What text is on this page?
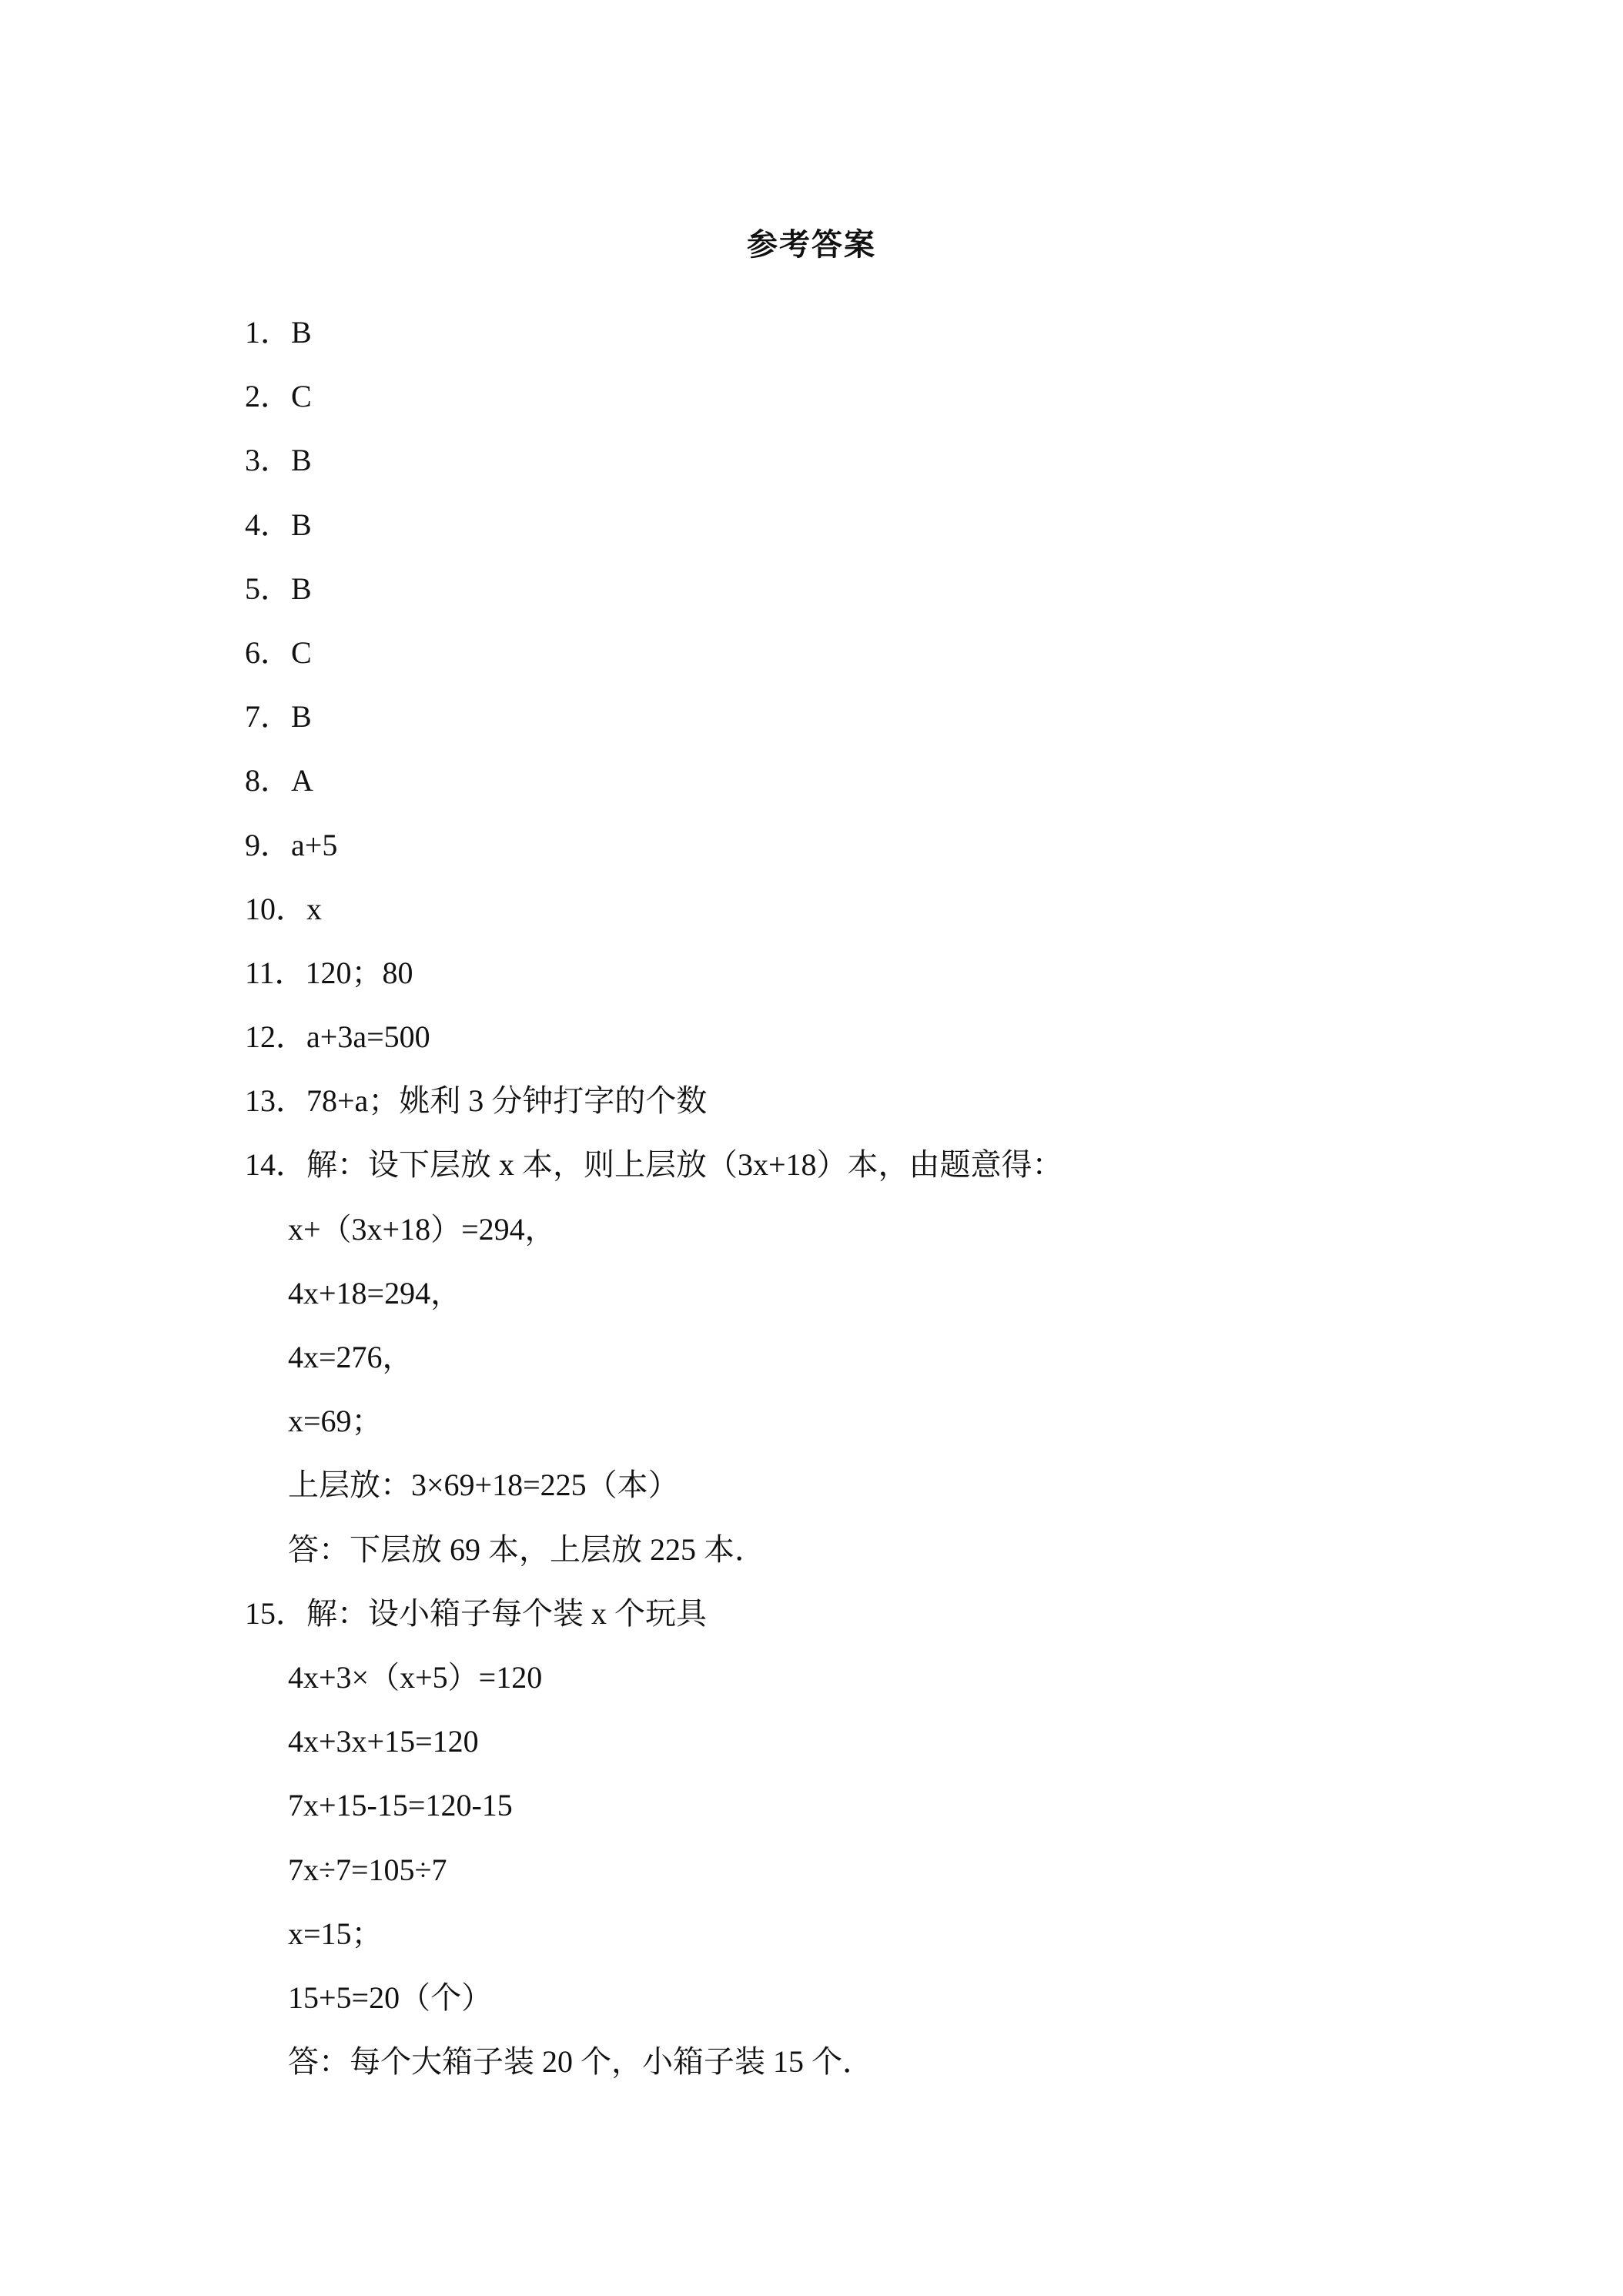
参考答案
1．B
2．C
3．B
4．B
5．B
6．C
7．B
8．A
9．a+5
10．x
11．120；80
12．a+3a=500
13．78+a；姚利 3 分钟打字的个数
14．解：设下层放 x 本，则上层放（3x+18）本，由题意得：
x+（3x+18）=294，
4x+18=294，
4x=276，
x=69；
上层放：3×69+18=225（本）
答：下层放 69 本，上层放 225 本．
15．解：设小箱子每个装 x 个玩具
4x+3×（x+5）=120
4x+3x+15=120
7x+15-15=120-15
7x÷7=105÷7
x=15；
15+5=20（个）
答：每个大箱子装 20 个，小箱子装 15 个．
